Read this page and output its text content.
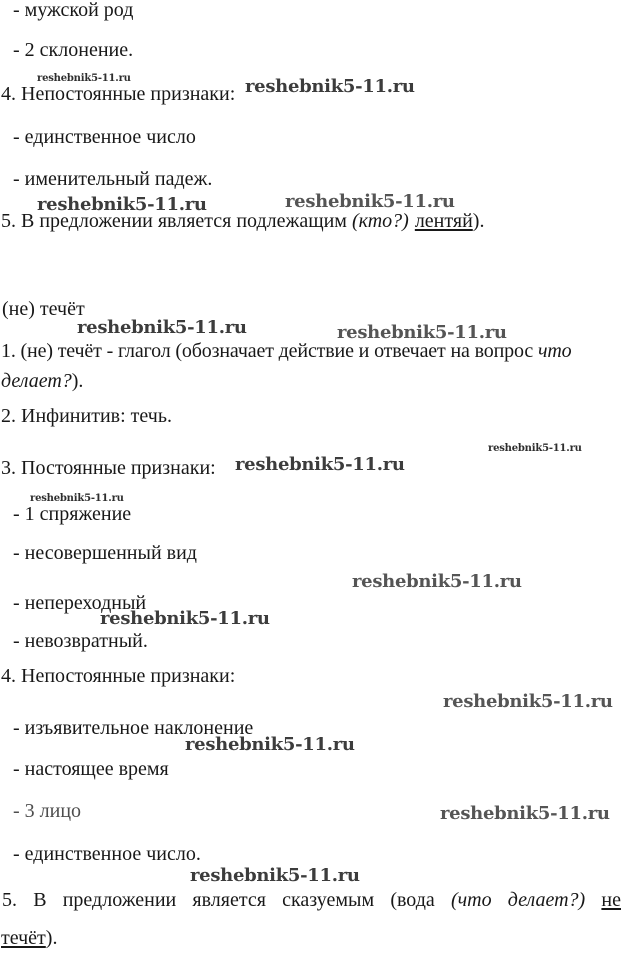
- мужской род
- 2 склонение.
reshebnik5-11.ru
4. Непостоянные признаки: reshebnik5-11.ru
- единственное число
- именительный падеж.
reshebnik5-11.ru	reshebnik5-11.ru
5. В предложении является подлежащим (кто?) лентяй).
(не) течёт
reshebnik5-11.ru	reshebnik5-11.ru
1. (не) течёт - глагол (обозначает действие и отвечает на вопрос что
делает?).
2. Инфинитив: течь.
reshebnik5-11.ru
3. Постоянные признаки: reshebnik5-11.ru
reshebnik5-11.ru
- 1 спряжение
- несовершенный вид
reshebnik5-11.ru
- непереходный
reshebnik5-11.ru
- невозвратный.
4. Непостоянные признаки:
reshebnik5-11.ru
- изъявительное наклонение
reshebnik5-11.ru
- настоящее время
- 3 лицо	reshebnik5-11.ru
- единственное число.
reshebnik5-11.ru
5. В предложении является сказуемым (вода (что делает?) не
течёт).
